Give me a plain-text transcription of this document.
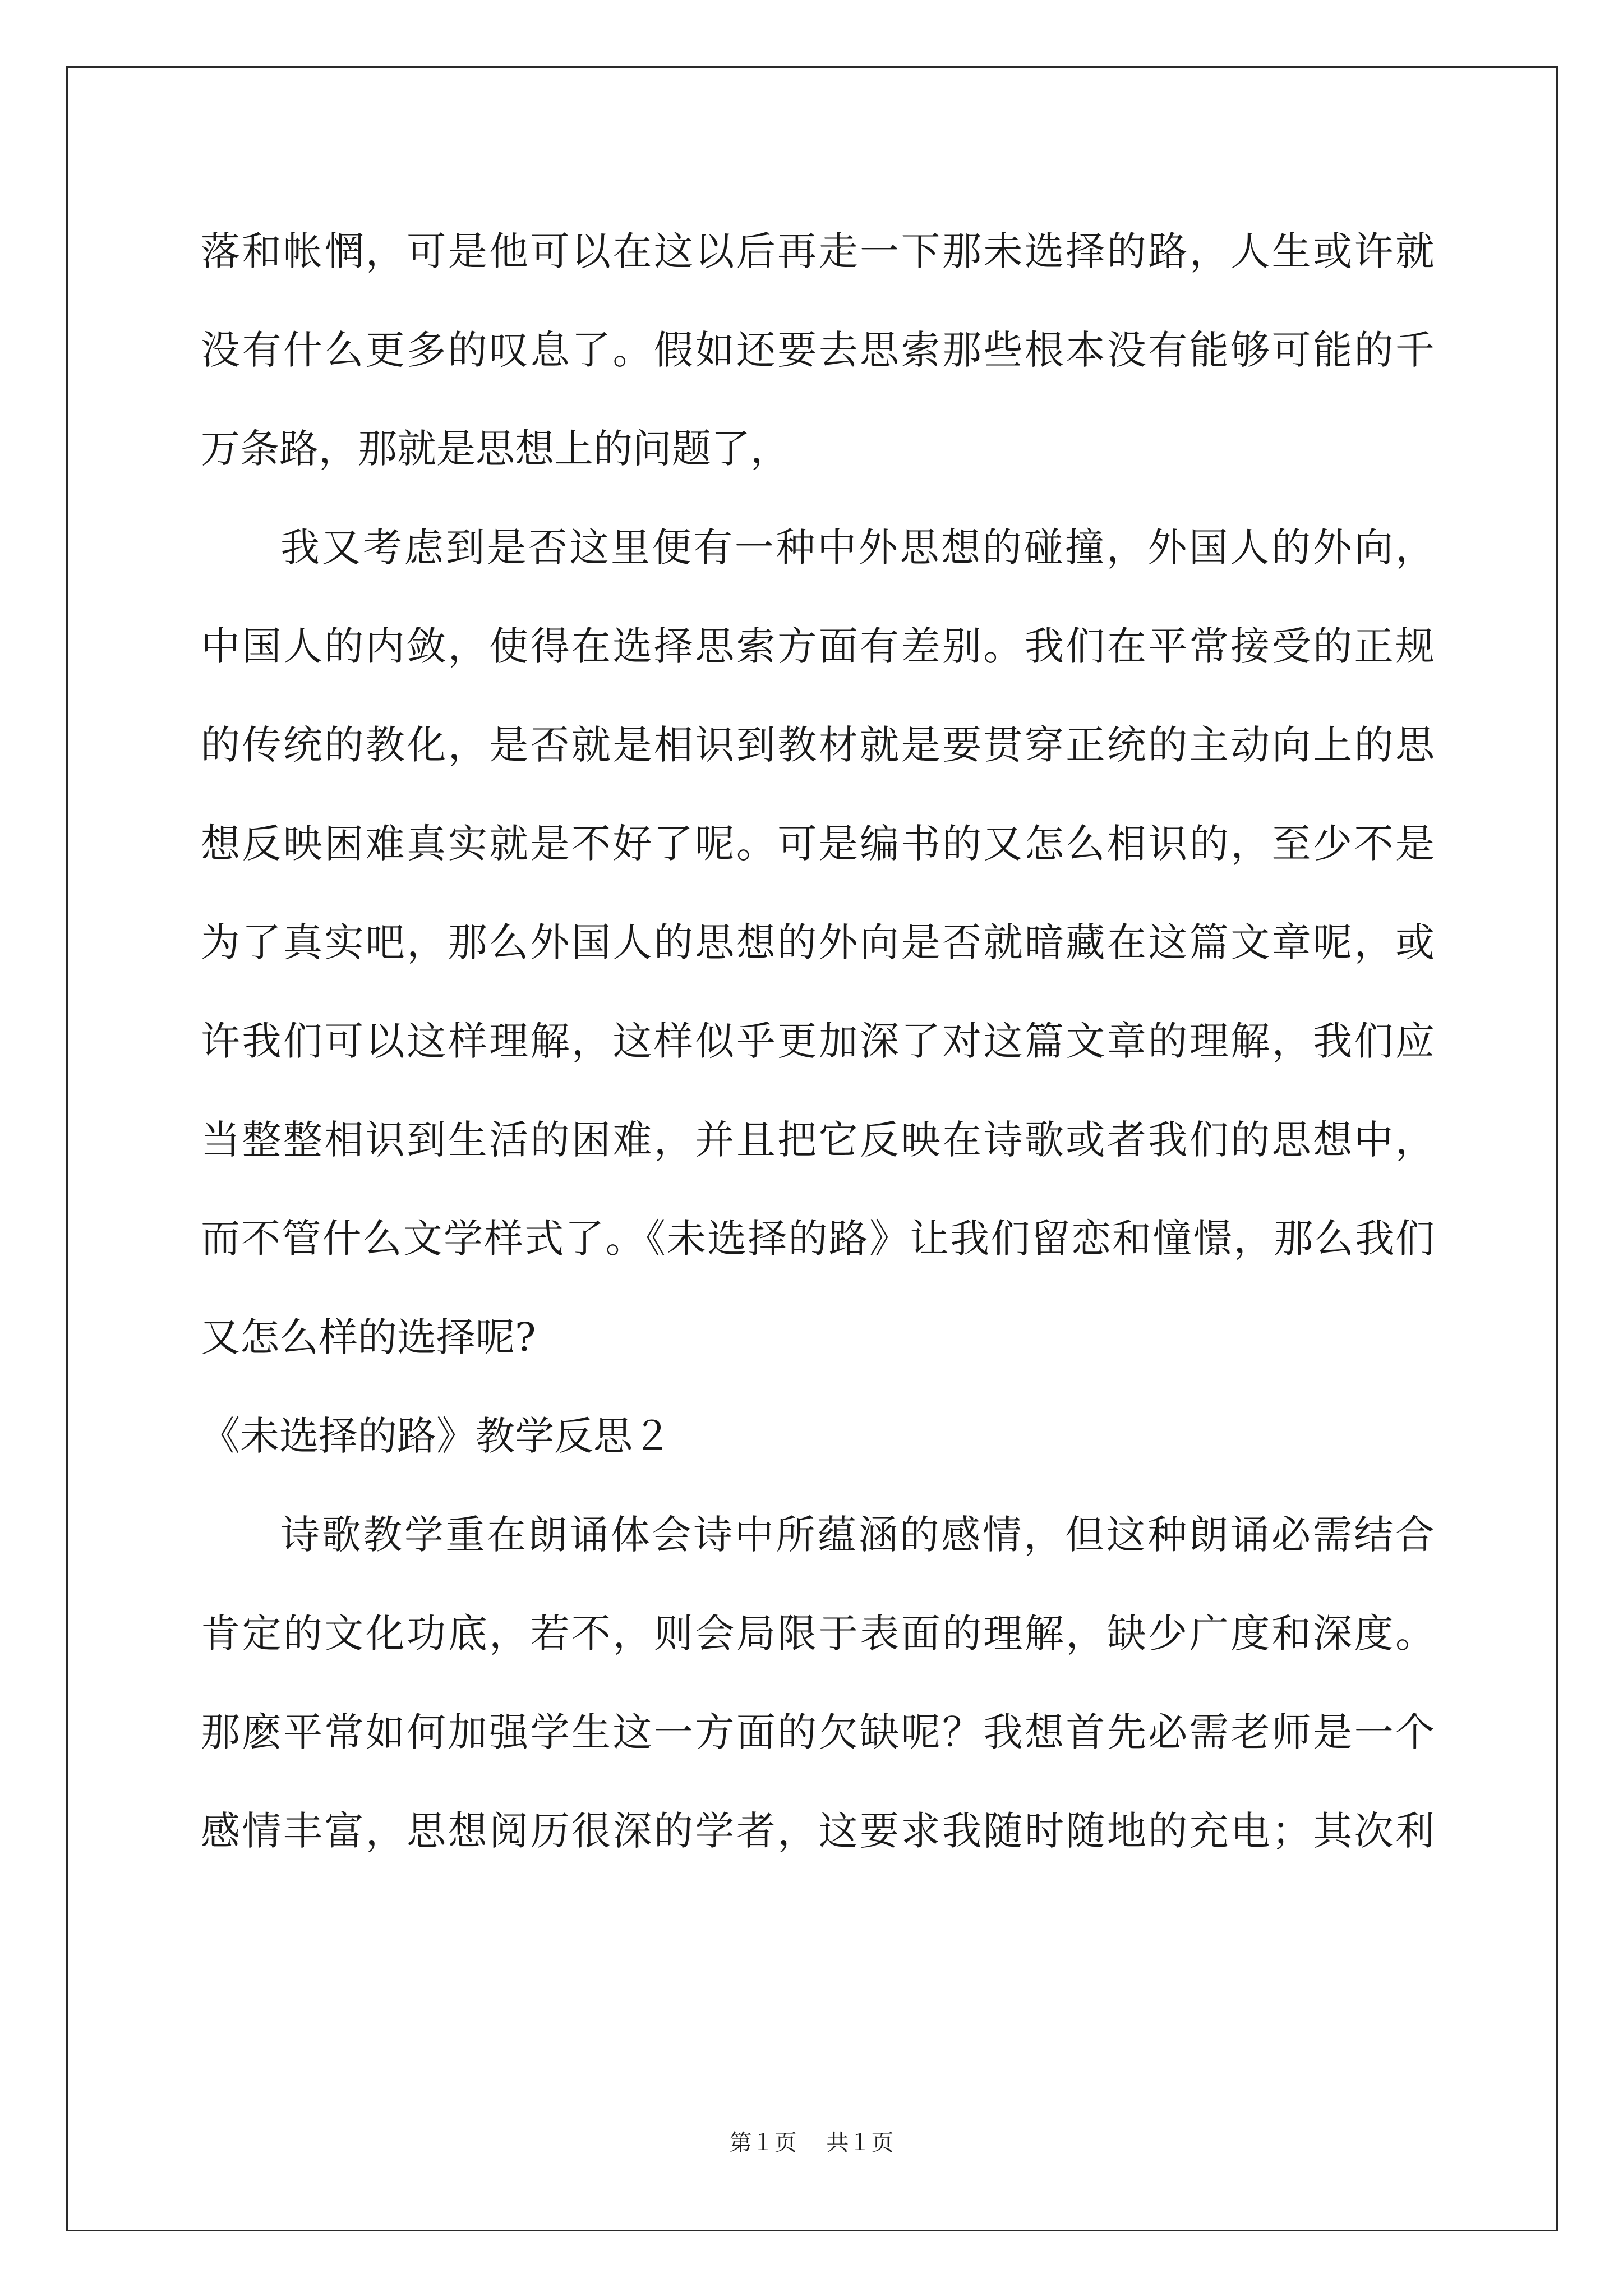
落和帐惘，可是他可以在这以后再走一下那未选择的路，人生或许就
没有什么更多的叹息了。假如还要去思索那些根本没有能够可能的千
万条路，那就是思想上的问题了，
我又考虑到是否这里便有一种中外思想的碰撞，外国人的外向，
中国人的内敛，使得在选择思索方面有差别。我们在平常接受的正规
的传统的教化，是否就是相识到教材就是要贯穿正统的主动向上的思
想反映困难真实就是不好了呢。可是编书的又怎么相识的，至少不是
为了真实吧，那么外国人的思想的外向是否就暗藏在这篇文章呢，或
许我们可以这样理解，这样似乎更加深了对这篇文章的理解，我们应
当整整相识到生活的困难，并且把它反映在诗歌或者我们的思想中，
而不管什么文学样式了。《未选择的路》让我们留恋和憧憬，那么我们
又怎么样的选择呢?
《未选择的路》教学反思２
诗歌教学重在朗诵体会诗中所蕴涵的感情，但这种朗诵必需结合
肯定的文化功底，若不，则会局限于表面的理解，缺少广度和深度。
那麽平常如何加强学生这一方面的欠缺呢？我想首先必需老师是一个
感情丰富，思想阅历很深的学者，这要求我随时随地的充电；其次利
第１页 共１页
